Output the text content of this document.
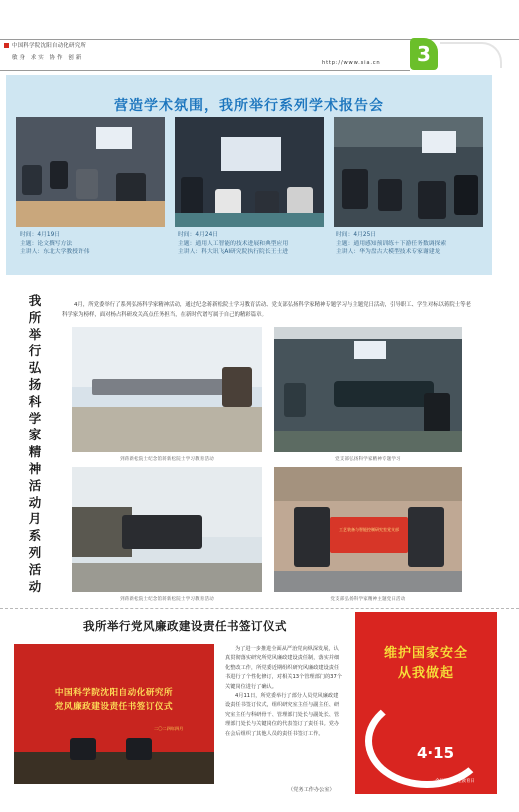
中国科学院沈阳自动化研究所
敏身 求实 协作 创新
http://www.sia.cn	3
营造学术氛围，我所举行系列学术报告会
时间：4月19日
主题：论文撰写方法
主讲人：东北大学教授许伟
时间：4月24日
主题：通用人工智能的技术进展和典型应用
主讲人：科大讯飞AI研究院执行院长王士进
时间：4月25日
主题：通用感知预训练＋下游任务数调探索
主讲人：华为盘古大模型技术专家谢建龙
我所举行弘扬科学家精神活动月系列活动
4月，所党委举行了系列弘扬科学家精神活动，通过纪念蒋新松院士学习教育活动、党支部弘扬科学家精神专题学习与主题党日活动，引导职工、学生对标以蒋院士等老科学家为榜样，面对杨占科研攻关高点任务担当，在新时代谱写属于自己的精彩篇章。
到蒋新松院士纪念馆蒋新松院士学习教育活动	党支部弘扬科学家精神专题学习
到蒋新松院士纪念馆蒋新松院士学习教育活动
工艺装备与智能控制研究室党支部
党支部弘扬科学家精神主题党日活动
我所举行党风廉政建设责任书签订仪式
中国科学院沈阳自动化研究所
党风廉政建设责任书签订仪式
二〇二四年四月
为了进一步推进全面从严治党向纵深发展，认真贯彻落实研究所党风廉政建设责任制，落实并细化整改工作，所党委近期组织研究风廉政建设责任书进行了个性化修订，对相关13个管理部门的37个关键岗位进行了确认。
4月11日，所党委举行了部分人员党风廉政建设责任书签订仪式，组织研究室主任与副主任、研究室主任与科研骨干、管理部门处长与副处长、管理部门处长与关键岗位的代表签订了责任书。党办在会后组织了其他人员的责任书签订工作。
（党务工作办公室）
维护国家安全
从我做起
4·15
全民国家安全教育日
